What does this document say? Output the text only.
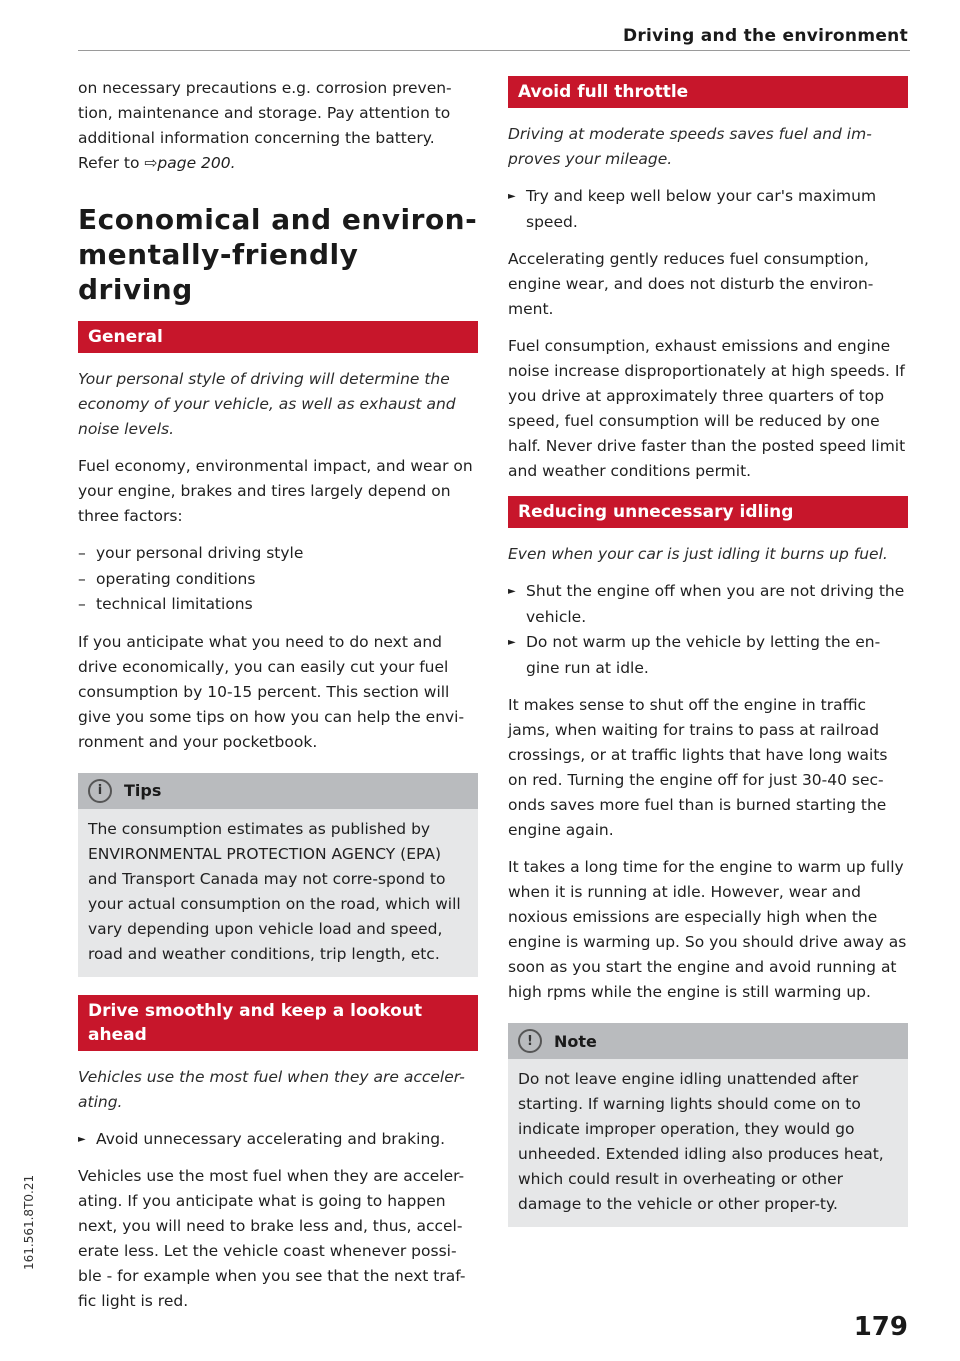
Driving and the environment

on necessary precautions e.g. corrosion preven-tion, maintenance and storage. Pay attention to additional information concerning the battery.
Refer to ⇨page 200.

Economical and environ-mentally-friendly driving
General

Your personal style of driving will determine the economy of your vehicle, as well as exhaust and noise levels.

Fuel economy, environmental impact, and wear on your engine, brakes and tires largely depend on three factors:

– your personal driving style
– operating conditions
– technical limitations

If you anticipate what you need to do next and drive economically, you can easily cut your fuel consumption by 10-15 percent. This section will give you some tips on how you can help the envi-ronment and your pocketbook.

i	Tips
The consumption estimates as published by ENVIRONMENTAL PROTECTION AGENCY (EPA) and Transport Canada may not corre-spond to your actual consumption on the road, which will vary depending upon vehicle load and speed, road and weather conditions, trip length, etc.
Drive smoothly and keep a lookout ahead

Vehicles use the most fuel when they are acceler-ating.

► Avoid unnecessary accelerating and braking.

Vehicles use the most fuel when they are acceler-ating. If you anticipate what is going to happen next, you will need to brake less and, thus, accel-erate less. Let the vehicle coast whenever possi-ble - for example when you see that the next traf-fic light is red.

Avoid full throttle

Driving at moderate speeds saves fuel and im-proves your mileage.

► Try and keep well below your car's maximum speed.

Accelerating gently reduces fuel consumption, engine wear, and does not disturb the environ-ment.

Fuel consumption, exhaust emissions and engine noise increase disproportionately at high speeds. If you drive at approximately three quarters of top speed, fuel consumption will be reduced by one half. Never drive faster than the posted speed limit and weather conditions permit.

Reducing unnecessary idling

Even when your car is just idling it burns up fuel.

► Shut the engine off when you are not driving the vehicle.
► Do not warm up the vehicle by letting the en-gine run at idle.

It makes sense to shut off the engine in traffic jams, when waiting for trains to pass at railroad crossings, or at traffic lights that have long waits on red. Turning the engine off for just 30-40 sec-onds saves more fuel than is burned starting the engine again.

It takes a long time for the engine to warm up fully when it is running at idle. However, wear and noxious emissions are especially high when the engine is warming up. So you should drive away as soon as you start the engine and avoid running at high rpms while the engine is still warming up.

!	Note
Do not leave engine idling unattended after starting. If warning lights should come on to indicate improper operation, they would go unheeded. Extended idling also produces heat, which could result in overheating or other damage to the vehicle or other proper-ty.
179
161.561.8T0.21
